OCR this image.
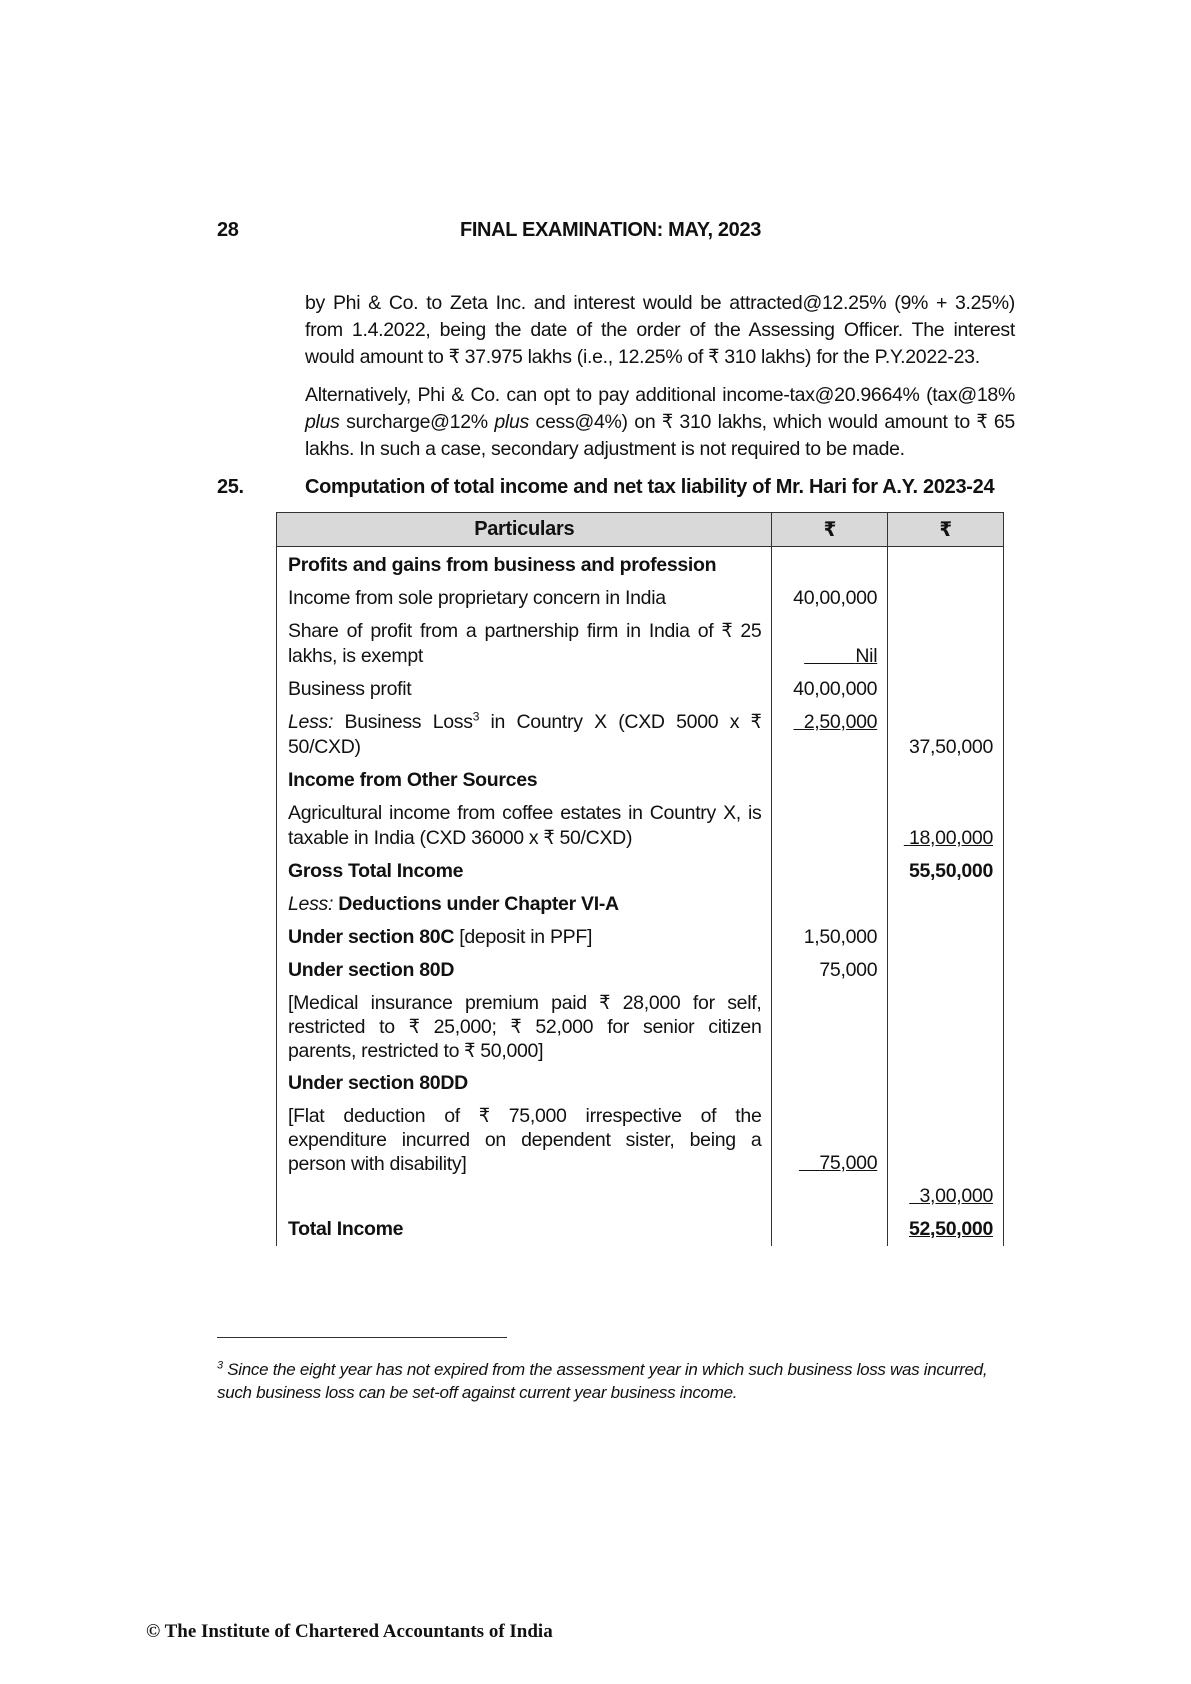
28	FINAL EXAMINATION: MAY, 2023

by Phi & Co. to Zeta Inc. and interest would be attracted@12.25% (9% + 3.25%) from 1.4.2022, being the date of the order of the Assessing Officer. The interest would amount to ₹ 37.975 lakhs (i.e., 12.25% of ₹ 310 lakhs) for the P.Y.2022-23.

Alternatively, Phi & Co. can opt to pay additional income-tax@20.9664% (tax@18% plus surcharge@12% plus cess@4%) on ₹ 310 lakhs, which would amount to ₹ 65 lakhs. In such a case, secondary adjustment is not required to be made.

25.	Computation of total income and net tax liability of Mr. Hari for A.Y. 2023-24
Particulars	₹	₹
Profits and gains from business and profession		
Income from sole proprietary concern in India	40,00,000	
Share of profit from a partnership firm in India of ₹ 25 lakhs, is exempt	Nil	
Business profit	40,00,000	
Less: Business Loss$^3$ in Country X (CXD 5000 x ₹ 50/CXD)	2,50,000	37,50,000
Income from Other Sources		
Agricultural income from coffee estates in Country X, is taxable in India (CXD 36000 x ₹ 50/CXD)		18,00,000
Gross Total Income		55,50,000
Less: Deductions under Chapter VI-A		
Under section 80C [deposit in PPF]	1,50,000	
Under section 80D	75,000	
[Medical insurance premium paid ₹ 28,000 for self, restricted to ₹ 25,000; ₹ 52,000 for senior citizen parents, restricted to ₹ 50,000]		
Under section 80DD		
[Flat deduction of ₹ 75,000 irrespective of the expenditure incurred on dependent sister, being a person with disability]	75,000	
		3,00,000
Total Income		52,50,000

$^3$ Since the eight year has not expired from the assessment year in which such business loss was incurred, such business loss can be set-off against current year business income.

© The Institute of Chartered Accountants of India
